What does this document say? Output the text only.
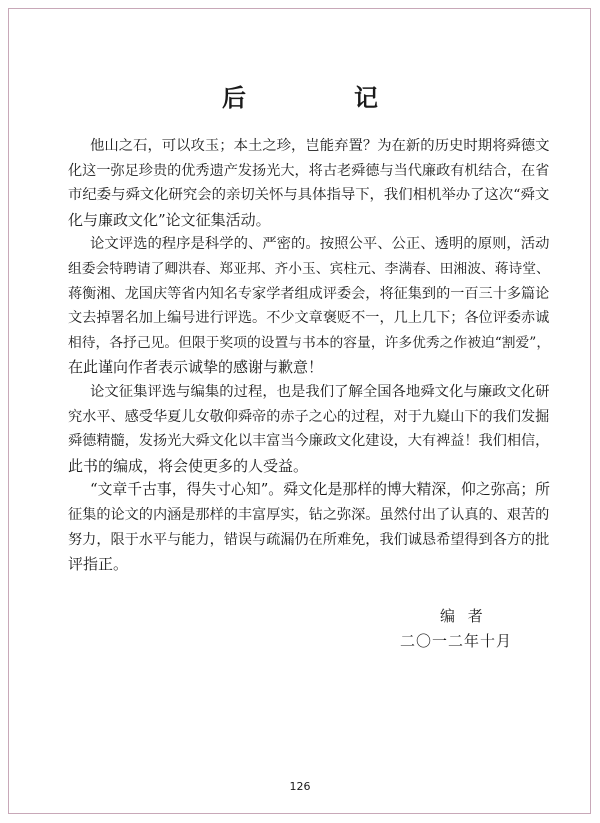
后　记

他山之石，可以攻玉；本土之珍，岂能弃置？为在新的历史时期将舜德文
化这一弥足珍贵的优秀遗产发扬光大，将古老舜德与当代廉政有机结合，在省
市纪委与舜文化研究会的亲切关怀与具体指导下，我们相机举办了这次“舜文
化与廉政文化”论文征集活动。

论文评选的程序是科学的、严密的。按照公平、公正、透明的原则，活动
组委会特聘请了卿洪春、郑亚邦、齐小玉、宾柱元、李满春、田湘波、蒋诗堂、
蒋衡湘、龙国庆等省内知名专家学者组成评委会，将征集到的一百三十多篇论
文去掉署名加上编号进行评选。不少文章褒贬不一，几上几下；各位评委赤诚
相待，各抒己见。但限于奖项的设置与书本的容量，许多优秀之作被迫“割爱”，
在此谨向作者表示诚挚的感谢与歉意！

论文征集评选与编集的过程，也是我们了解全国各地舜文化与廉政文化研
究水平、感受华夏儿女敬仰舜帝的赤子之心的过程，对于九嶷山下的我们发掘
舜德精髓，发扬光大舜文化以丰富当今廉政文化建设，大有裨益！我们相信，
此书的编成，将会使更多的人受益。

“文章千古事，得失寸心知”。舜文化是那样的博大精深，仰之弥高；所
征集的论文的内涵是那样的丰富厚实，钻之弥深。虽然付出了认真的、艰苦的
努力，限于水平与能力，错误与疏漏仍在所难免，我们诚恳希望得到各方的批
评指正。

编 者
二〇一二年十月
126
